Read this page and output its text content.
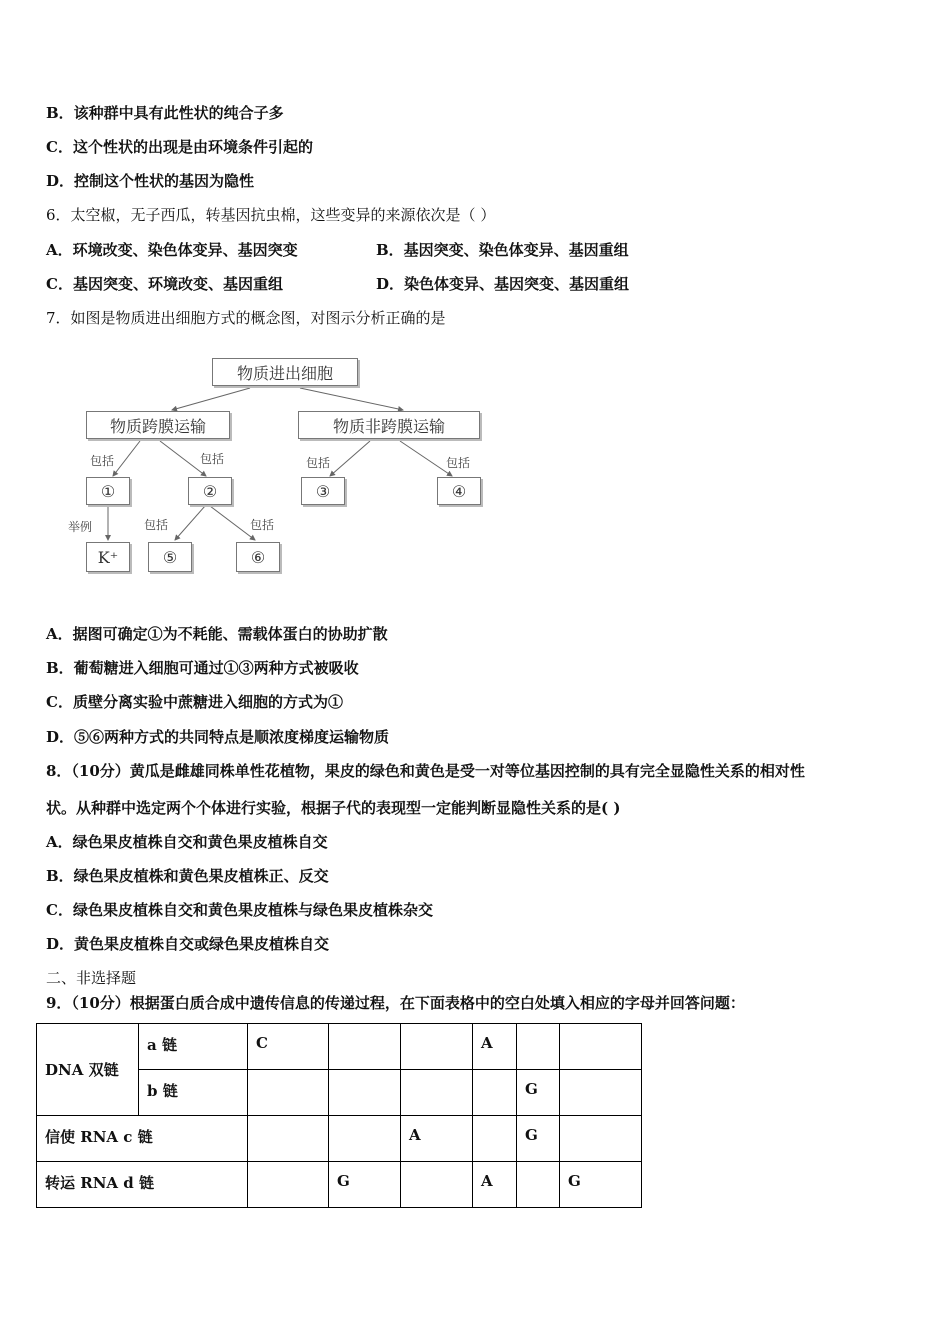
B．该种群中具有此性状的纯合子多
C．这个性状的出现是由环境条件引起的
D．控制这个性状的基因为隐性
6．太空椒，无子西瓜，转基因抗虫棉，这些变异的来源依次是（ ）
A．环境改变、染色体变异、基因突变	B．基因突变、染色体变异、基因重组
C．基因突变、环境改变、基因重组	D．染色体变异、基因突变、基因重组
7．如图是物质进出细胞方式的概念图，对图示分析正确的是
物质进出细胞
物质跨膜运输	物质非跨膜运输
①	②	③	④
K⁺	⑤	⑥
包括	包括	包括	包括
举例	包括	包括
A．据图可确定①为不耗能、需载体蛋白的协助扩散
B．葡萄糖进入细胞可通过①③两种方式被吸收
C．质壁分离实验中蔗糖进入细胞的方式为①
D．⑤⑥两种方式的共同特点是顺浓度梯度运输物质
8．（10分）黄瓜是雌雄同株单性花植物，果皮的绿色和黄色是受一对等位基因控制的具有完全显隐性关系的相对性
状。从种群中选定两个个体进行实验，根据子代的表现型一定能判断显隐性关系的是( )
A．绿色果皮植株自交和黄色果皮植株自交
B．绿色果皮植株和黄色果皮植株正、反交
C．绿色果皮植株自交和黄色果皮植株与绿色果皮植株杂交
D．黄色果皮植株自交或绿色果皮植株自交
二、非选择题
9．（10分）根据蛋白质合成中遗传信息的传递过程，在下面表格中的空白处填入相应的字母并回答问题：
DNA 双链	a 链	C			A		
	b 链					G	
信使 RNA c 链				A		G	
转运 RNA d 链			G		A		G
